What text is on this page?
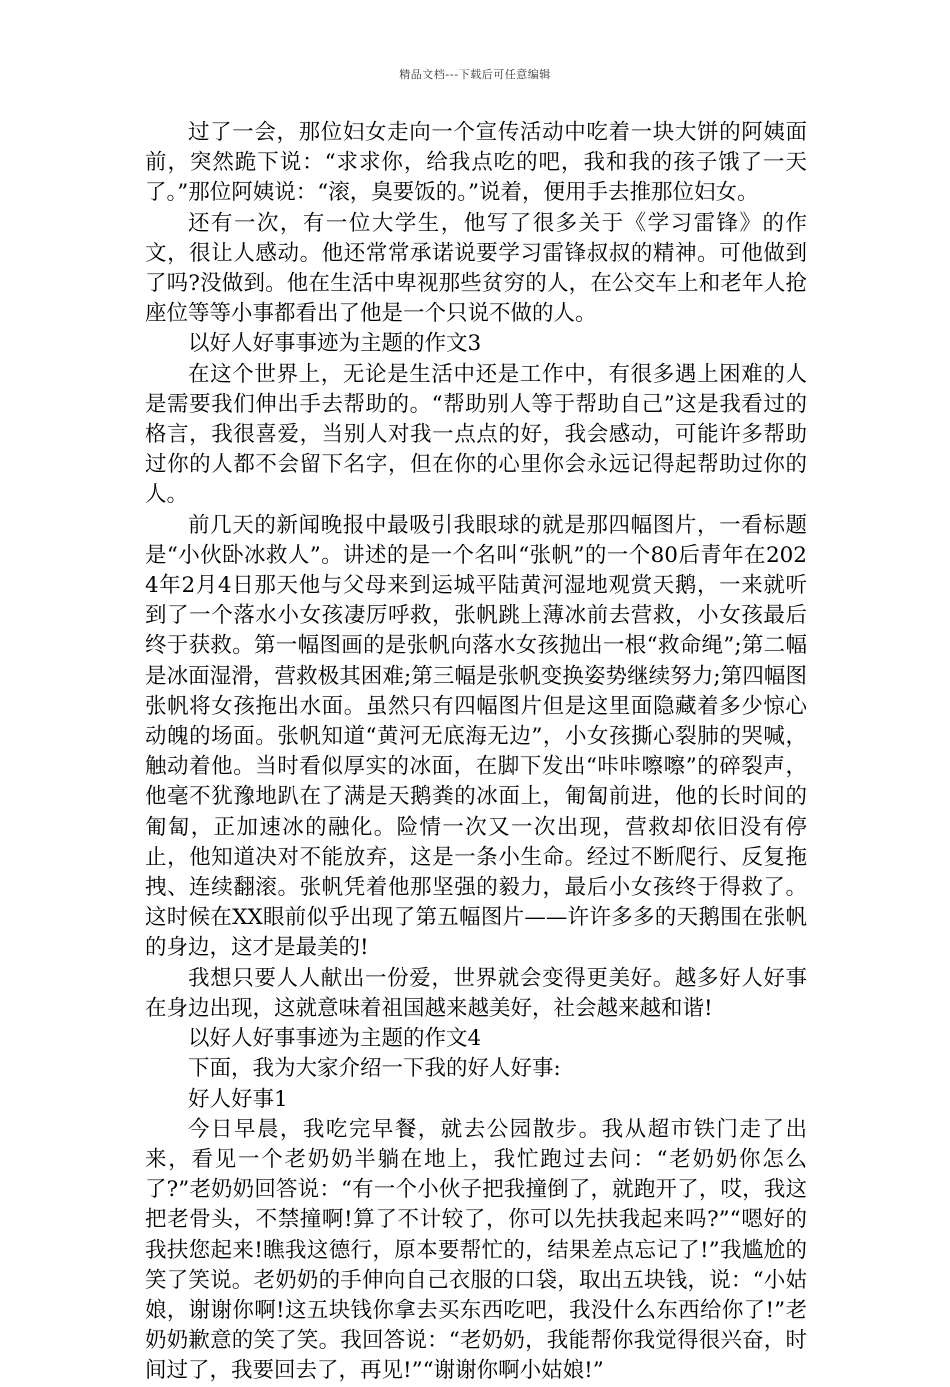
精品文档---下载后可任意编辑

过了一会，那位妇女走向一个宣传活动中吃着一块大饼的阿姨面前，突然跪下说：“求求你，给我点吃的吧，我和我的孩子饿了一天了。”那位阿姨说：“滚，臭要饭的。”说着，便用手去推那位妇女。

还有一次，有一位大学生，他写了很多关于《学习雷锋》的作文，很让人感动。他还常常承诺说要学习雷锋叔叔的精神。可他做到了吗?没做到。他在生活中卑视那些贫穷的人，在公交车上和老年人抢座位等等小事都看出了他是一个只说不做的人。

以好人好事事迹为主题的作文3

在这个世界上，无论是生活中还是工作中，有很多遇上困难的人是需要我们伸出手去帮助的。“帮助别人等于帮助自己”这是我看过的格言，我很喜爱，当别人对我一点点的好，我会感动，可能许多帮助过你的人都不会留下名字，但在你的心里你会永远记得起帮助过你的人。

前几天的新闻晚报中最吸引我眼球的就是那四幅图片，一看标题是“小伙卧冰救人”。讲述的是一个名叫“张帆”的一个80后青年在2024年2月4日那天他与父母来到运城平陆黄河湿地观赏天鹅，一来就听到了一个落水小女孩凄厉呼救，张帆跳上薄冰前去营救，小女孩最后终于获救。第一幅图画的是张帆向落水女孩抛出一根“救命绳”;第二幅是冰面湿滑，营救极其困难;第三幅是张帆变换姿势继续努力;第四幅图张帆将女孩拖出水面。虽然只有四幅图片但是这里面隐藏着多少惊心动魄的场面。张帆知道“黄河无底海无边”，小女孩撕心裂肺的哭喊，触动着他。当时看似厚实的冰面，在脚下发出“咔咔嚓嚓”的碎裂声，他毫不犹豫地趴在了满是天鹅粪的冰面上，匍匐前进，他的长时间的匍匐，正加速冰的融化。险情一次又一次出现，营救却依旧没有停止，他知道决对不能放弃，这是一条小生命。经过不断爬行、反复拖拽、连续翻滚。张帆凭着他那坚强的毅力，最后小女孩终于得救了。这时候在XX眼前似乎出现了第五幅图片——许许多多的天鹅围在张帆的身边，这才是最美的!

我想只要人人献出一份爱，世界就会变得更美好。越多好人好事在身边出现，这就意味着祖国越来越美好，社会越来越和谐!

以好人好事事迹为主题的作文4

下面，我为大家介绍一下我的好人好事:

好人好事1

今日早晨，我吃完早餐，就去公园散步。我从超市铁门走了出来，看见一个老奶奶半躺在地上，我忙跑过去问：“老奶奶你怎么了?”老奶奶回答说：“有一个小伙子把我撞倒了，就跑开了，哎，我这把老骨头，不禁撞啊!算了不计较了，你可以先扶我起来吗?”“嗯好的我扶您起来!瞧我这德行，原本要帮忙的，结果差点忘记了!”我尴尬的笑了笑说。老奶奶的手伸向自己衣服的口袋，取出五块钱，说：“小姑娘，谢谢你啊!这五块钱你拿去买东西吃吧，我没什么东西给你了!”老奶奶歉意的笑了笑。我回答说：“老奶奶，我能帮你我觉得很兴奋，时间过了，我要回去了，再见!”“谢谢你啊小姑娘!”
